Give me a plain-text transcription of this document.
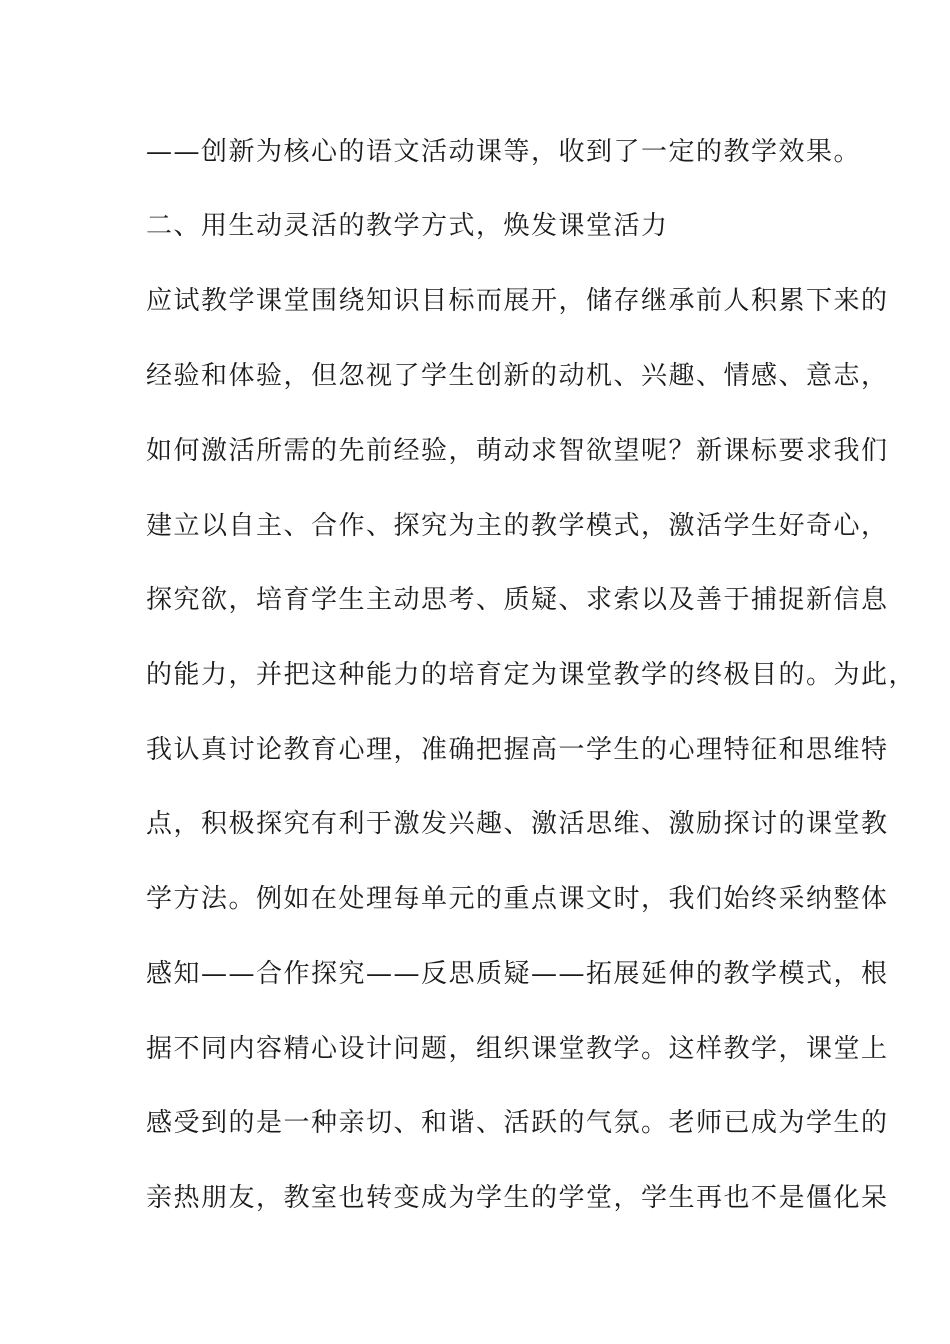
——创新为核心的语文活动课等，收到了一定的教学效果。
二、用生动灵活的教学方式，焕发课堂活力
应试教学课堂围绕知识目标而展开，储存继承前人积累下来的
经验和体验，但忽视了学生创新的动机、兴趣、情感、意志，
如何激活所需的先前经验，萌动求智欲望呢？新课标要求我们
建立以自主、合作、探究为主的教学模式，激活学生好奇心，
探究欲，培育学生主动思考、质疑、求索以及善于捕捉新信息
的能力，并把这种能力的培育定为课堂教学的终极目的。为此，
我认真讨论教育心理，准确把握高一学生的心理特征和思维特
点，积极探究有利于激发兴趣、激活思维、激励探讨的课堂教
学方法。例如在处理每单元的重点课文时，我们始终采纳整体
感知——合作探究——反思质疑——拓展延伸的教学模式，根
据不同内容精心设计问题，组织课堂教学。这样教学，课堂上
感受到的是一种亲切、和谐、活跃的气氛。老师已成为学生的
亲热朋友，教室也转变成为学生的学堂，学生再也不是僵化呆
